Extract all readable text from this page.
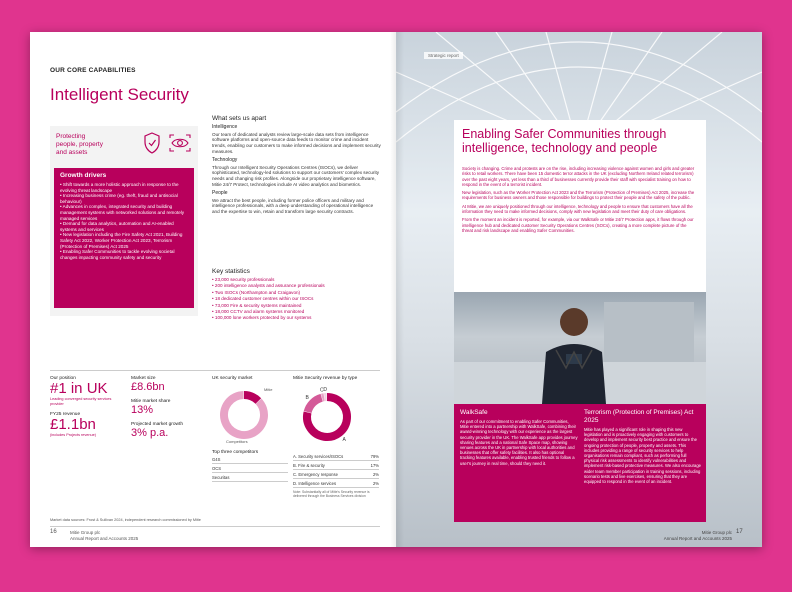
OUR CORE CAPABILITIES
Intelligent Security
Protecting
people, property
and assets
Growth drivers
• Shift towards a more holistic approach in response to the evolving threat landscape
• Increasing business crime (eg. theft, fraud and antisocial behaviour)
• Advances in complex, integrated security and building management systems with networked solutions and remotely managed services
• Demand for data analytics, automation and AI-enabled systems and services
• New legislation including the Fire Safety Act 2021, Building Safety Act 2022, Worker Protection Act 2023, Terrorism (Protection of Premises) Act 2025
• Enabling Safer Communities to tackle evolving societal changes impacting community safety and security
What sets us apart
Intelligence

Our team of dedicated analysts review large-scale data sets from intelligence software platforms and open-source data feeds to monitor crime and incident trends, enabling our customers to make informed decisions and implement security measures.

Technology

Through our Intelligent Security Operations Centres (ISOCs), we deliver sophisticated, technology-led solutions to support our customers' complex security needs and changing risk profiles. Alongside our proprietary intelligence software, Mitie 24/7 Protect, technologies include AI video analytics and biometrics.

People

We attract the best people, including former police officers and military and intelligence professionals, with a deep understanding of operational intelligence and the expertise to win, retain and transform large security contracts.

Key statistics
• 23,000 security professionals
• 200 intelligence analysts and assurance professionals
• Two ISOCs (Northampton and Craigavon)
• 18 dedicated customer centres within our ISOCs
• 73,000 Fire & security systems maintained
• 18,000 CCTV and alarm systems monitored
• 100,000 lone workers protected by our systems
Our position
#1 in UK
Leading converged security services provider
FY25 revenue
£1.1bn
(includes Projects revenue)
Market size
£8.6bn
Mitie market share
13%
Projected market growth
3% p.a.
UK security market
Mitie
Competitors
Top three competitors
G4S
OCS
Securitas
Mitie Security revenue by type
A
B
C D
A. Security services/ISOCs	79%
B. Fire & security	17%
C. Emergency response	2%
D. Intelligence services	2%
Note: Substantially all of Mitie's Security revenue is delivered through the Business Services division
Market data sources: Frost & Sullivan 2024, independent research commissioned by Mitie
16	Mitie Group plc
Annual Report and Accounts 2025
Strategic report
Enabling Safer Communities through intelligence, technology and people

Society is changing. Crime and protests are on the rise, including increasing violence against women and girls and greater risks to retail workers. There have been 15 domestic terror attacks in the UK (excluding Northern Ireland related terrorism) over the past eight years, yet less than a third of businesses currently provide their staff with specialist training on how to respond in the event of a terrorist incident.

New legislation, such as the Worker Protection Act 2023 and the Terrorism (Protection of Premises) Act 2025, increase the requirements for business owners and those responsible for buildings to protect their people and the safety of the public.

At Mitie, we are uniquely positioned through our intelligence, technology and people to ensure that customers have all the information they need to make informed decisions, comply with new legislation and meet their duty of care obligations.

From the moment an incident is reported, for example, via our WalkSafe or Mitie 24/7 Protection apps, it flows through our intelligence hub and dedicated customer Security Operations Centres (SOCs), creating a more complete picture of the threat and risk landscape and enabling Safer Communities.

WalkSafe

As part of our commitment to enabling Safer Communities, Mitie entered into a partnership with WalkSafe, combining their award-winning technology with our experience as the largest security provider in the UK. The WalkSafe app provides journey sharing features and a national Safe Space map, showing venues across the UK in partnership with local authorities and businesses that offer safety facilities. It also has optional tracking features available, enabling trusted friends to follow a user's journey in real time, should they need it.

Terrorism (Protection of Premises) Act 2025

Mitie has played a significant role in shaping this new legislation and is proactively engaging with customers to develop and implement security best practice and ensure the ongoing protection of people, property and assets. This includes providing a range of security services to help organisations remain compliant, such as performing full physical risk assessments to identify vulnerabilities and implement risk-based protective measures. We also encourage wider team member participation in training sessions, including scenario tests and live exercises, ensuring that they are equipped to respond in the event of an incident.

Mitie Group plc
Annual Report and Accounts 2025
17
